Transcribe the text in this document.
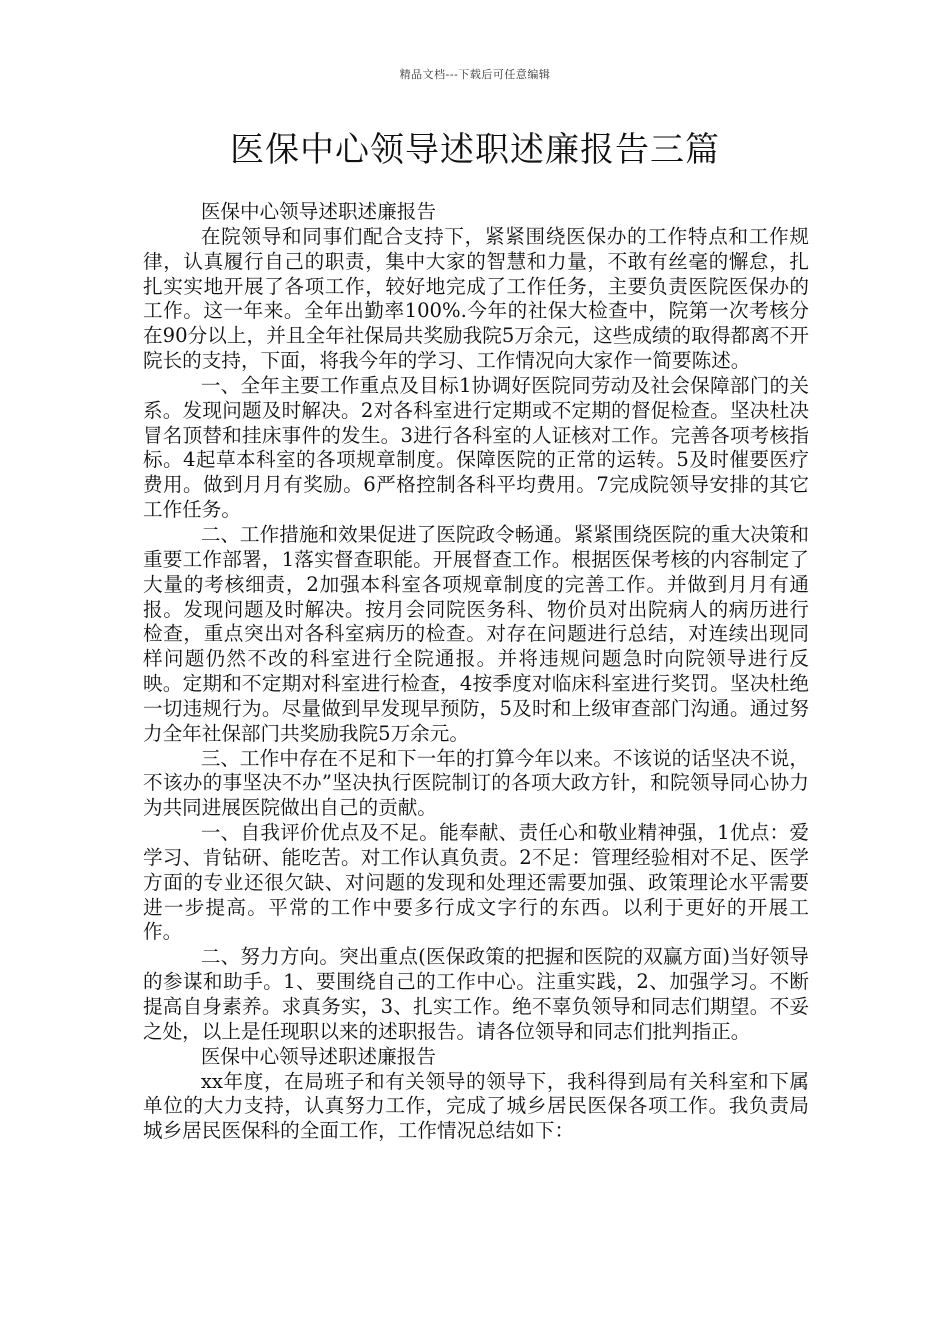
精品文档---下载后可任意编辑
医保中心领导述职述廉报告三篇

医保中心领导述职述廉报告

在院领导和同事们配合支持下，紧紧围绕医保办的工作特点和工作规律，认真履行自己的职责，集中大家的智慧和力量，不敢有丝毫的懈怠，扎扎实实地开展了各项工作，较好地完成了工作任务，主要负责医院医保办的工作。这一年来。全年出勤率100%.今年的社保大检查中，院第一次考核分在90分以上，并且全年社保局共奖励我院5万余元，这些成绩的取得都离不开院长的支持，下面，将我今年的学习、工作情况向大家作一简要陈述。

一、全年主要工作重点及目标1协调好医院同劳动及社会保障部门的关系。发现问题及时解决。2对各科室进行定期或不定期的督促检查。坚决杜决冒名顶替和挂床事件的发生。3进行各科室的人证核对工作。完善各项考核指标。4起草本科室的各项规章制度。保障医院的正常的运转。5及时催要医疗费用。做到月月有奖励。6严格控制各科平均费用。7完成院领导安排的其它工作任务。

二、工作措施和效果促进了医院政令畅通。紧紧围绕医院的重大决策和重要工作部署，1落实督查职能。开展督查工作。根据医保考核的内容制定了大量的考核细责，2加强本科室各项规章制度的完善工作。并做到月月有通报。发现问题及时解决。按月会同院医务科、物价员对出院病人的病历进行检查，重点突出对各科室病历的检查。对存在问题进行总结，对连续出现同样问题仍然不改的科室进行全院通报。并将违规问题急时向院领导进行反映。定期和不定期对科室进行检查，4按季度对临床科室进行奖罚。坚决杜绝一切违规行为。尽量做到早发现早预防，5及时和上级审查部门沟通。通过努力全年社保部门共奖励我院5万余元。

三、工作中存在不足和下一年的打算今年以来。不该说的话坚决不说，不该办的事坚决不办”坚决执行医院制订的各项大政方针，和院领导同心协力为共同进展医院做出自己的贡献。

一、自我评价优点及不足。能奉献、责任心和敬业精神强，1优点：爱学习、肯钻研、能吃苦。对工作认真负责。2不足：管理经验相对不足、医学方面的专业还很欠缺、对问题的发现和处理还需要加强、政策理论水平需要进一步提高。平常的工作中要多行成文字行的东西。以利于更好的开展工作。

二、努力方向。突出重点(医保政策的把握和医院的双赢方面)当好领导的参谋和助手。1、要围绕自己的工作中心。注重实践，2、加强学习。不断提高自身素养。求真务实，3、扎实工作。绝不辜负领导和同志们期望。不妥之处，以上是任现职以来的述职报告。请各位领导和同志们批判指正。

医保中心领导述职述廉报告

xx年度，在局班子和有关领导的领导下，我科得到局有关科室和下属单位的大力支持，认真努力工作，完成了城乡居民医保各项工作。我负责局城乡居民医保科的全面工作，工作情况总结如下：
